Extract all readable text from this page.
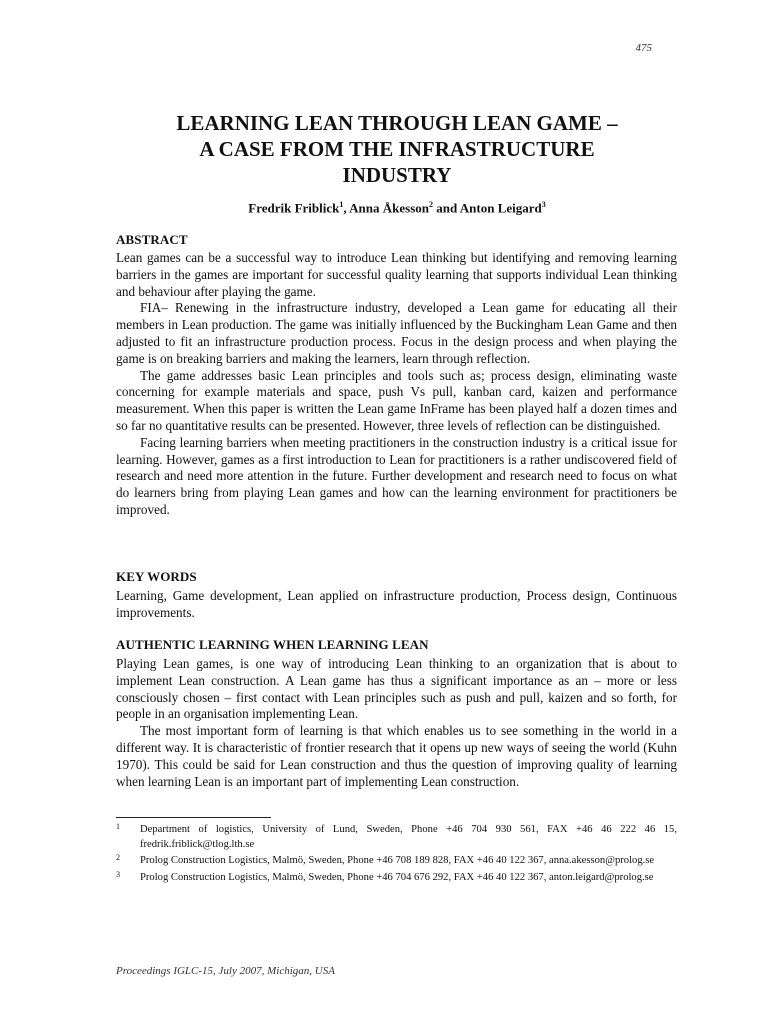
475
LEARNING LEAN THROUGH LEAN GAME –
A CASE FROM THE INFRASTRUCTURE
INDUSTRY
Fredrik Friblick$^1$, Anna Åkesson$^2$ and Anton Leigard$^3$
ABSTRACT

Lean games can be a successful way to introduce Lean thinking but identifying and removing learning barriers in the games are important for successful quality learning that supports individual Lean thinking and behaviour after playing the game.

FIA– Renewing in the infrastructure industry, developed a Lean game for educating all their members in Lean production. The game was initially influenced by the Buckingham Lean Game and then adjusted to fit an infrastructure production process. Focus in the design process and when playing the game is on breaking barriers and making the learners, learn through reflection.

The game addresses basic Lean principles and tools such as; process design, eliminating waste concerning for example materials and space, push Vs pull, kanban card, kaizen and performance measurement. When this paper is written the Lean game InFrame has been played half a dozen times and so far no quantitative results can be presented. However, three levels of reflection can be distinguished.

Facing learning barriers when meeting practitioners in the construction industry is a critical issue for learning. However, games as a first introduction to Lean for practitioners is a rather undiscovered field of research and need more attention in the future. Further development and research need to focus on what do learners bring from playing Lean games and how can the learning environment for practitioners be improved.

KEY WORDS

Learning, Game development, Lean applied on infrastructure production, Process design, Continuous improvements.

AUTHENTIC LEARNING WHEN LEARNING LEAN

Playing Lean games, is one way of introducing Lean thinking to an organization that is about to implement Lean construction. A Lean game has thus a significant importance as an – more or less consciously chosen – first contact with Lean principles such as push and pull, kaizen and so forth, for people in an organisation implementing Lean.

The most important form of learning is that which enables us to see something in the world in a different way. It is characteristic of frontier research that it opens up new ways of seeing the world (Kuhn 1970). This could be said for Lean construction and thus the question of improving quality of learning when learning Lean is an important part of implementing Lean construction.

1 Department of logistics, University of Lund, Sweden, Phone +46 704 930 561, FAX +46 46 222 46 15, fredrik.friblick@tlog.lth.se
2 Prolog Construction Logistics, Malmö, Sweden, Phone +46 708 189 828, FAX +46 40 122 367, anna.akesson@prolog.se
3 Prolog Construction Logistics, Malmö, Sweden, Phone +46 704 676 292, FAX +46 40 122 367, anton.leigard@prolog.se
Proceedings IGLC-15, July 2007, Michigan, USA
